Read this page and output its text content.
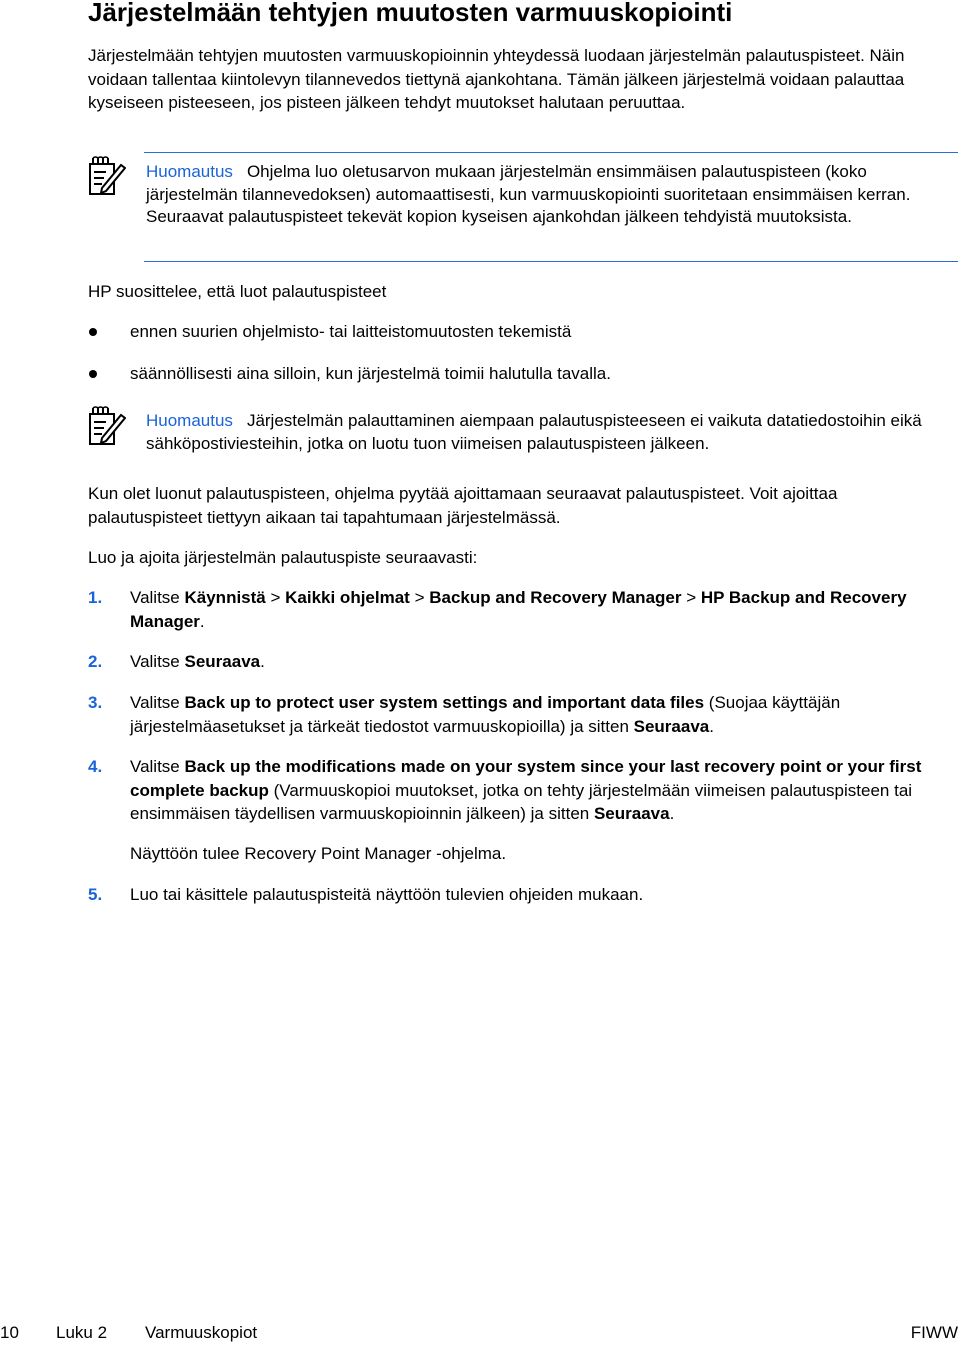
Järjestelmään tehtyjen muutosten varmuuskopiointi

Järjestelmään tehtyjen muutosten varmuuskopioinnin yhteydessä luodaan järjestelmän palautuspisteet. Näin voidaan tallentaa kiintolevyn tilannevedos tiettynä ajankohtana. Tämän jälkeen järjestelmä voidaan palauttaa kyseiseen pisteeseen, jos pisteen jälkeen tehdyt muutokset halutaan peruuttaa.

Huomautus Ohjelma luo oletusarvon mukaan järjestelmän ensimmäisen palautuspisteen (koko järjestelmän tilannevedoksen) automaattisesti, kun varmuuskopiointi suoritetaan ensimmäisen kerran. Seuraavat palautuspisteet tekevät kopion kyseisen ajankohdan jälkeen tehdyistä muutoksista.

HP suosittelee, että luot palautuspisteet

ennen suurien ohjelmisto- tai laitteistomuutosten tekemistä
säännöllisesti aina silloin, kun järjestelmä toimii halutulla tavalla.
Huomautus Järjestelmän palauttaminen aiempaan palautuspisteeseen ei vaikuta datatiedostoihin eikä sähköpostiviesteihin, jotka on luotu tuon viimeisen palautuspisteen jälkeen.

Kun olet luonut palautuspisteen, ohjelma pyytää ajoittamaan seuraavat palautuspisteet. Voit ajoittaa palautuspisteet tiettyyn aikaan tai tapahtumaan järjestelmässä.

Luo ja ajoita järjestelmän palautuspiste seuraavasti:

1. Valitse Käynnistä > Kaikki ohjelmat > Backup and Recovery Manager > HP Backup and Recovery Manager.
2. Valitse Seuraava.
3. Valitse Back up to protect user system settings and important data files (Suojaa käyttäjän järjestelmäasetukset ja tärkeät tiedostot varmuuskopioilla) ja sitten Seuraava.
4. Valitse Back up the modifications made on your system since your last recovery point or your first complete backup (Varmuuskopioi muutokset, jotka on tehty järjestelmään viimeisen palautuspisteen tai ensimmäisen täydellisen varmuuskopioinnin jälkeen) ja sitten Seuraava.

Näyttöön tulee Recovery Point Manager -ohjelma.

5. Luo tai käsittele palautuspisteitä näyttöön tulevien ohjeiden mukaan.
10 Luku 2 Varmuuskopiot	FIWW
